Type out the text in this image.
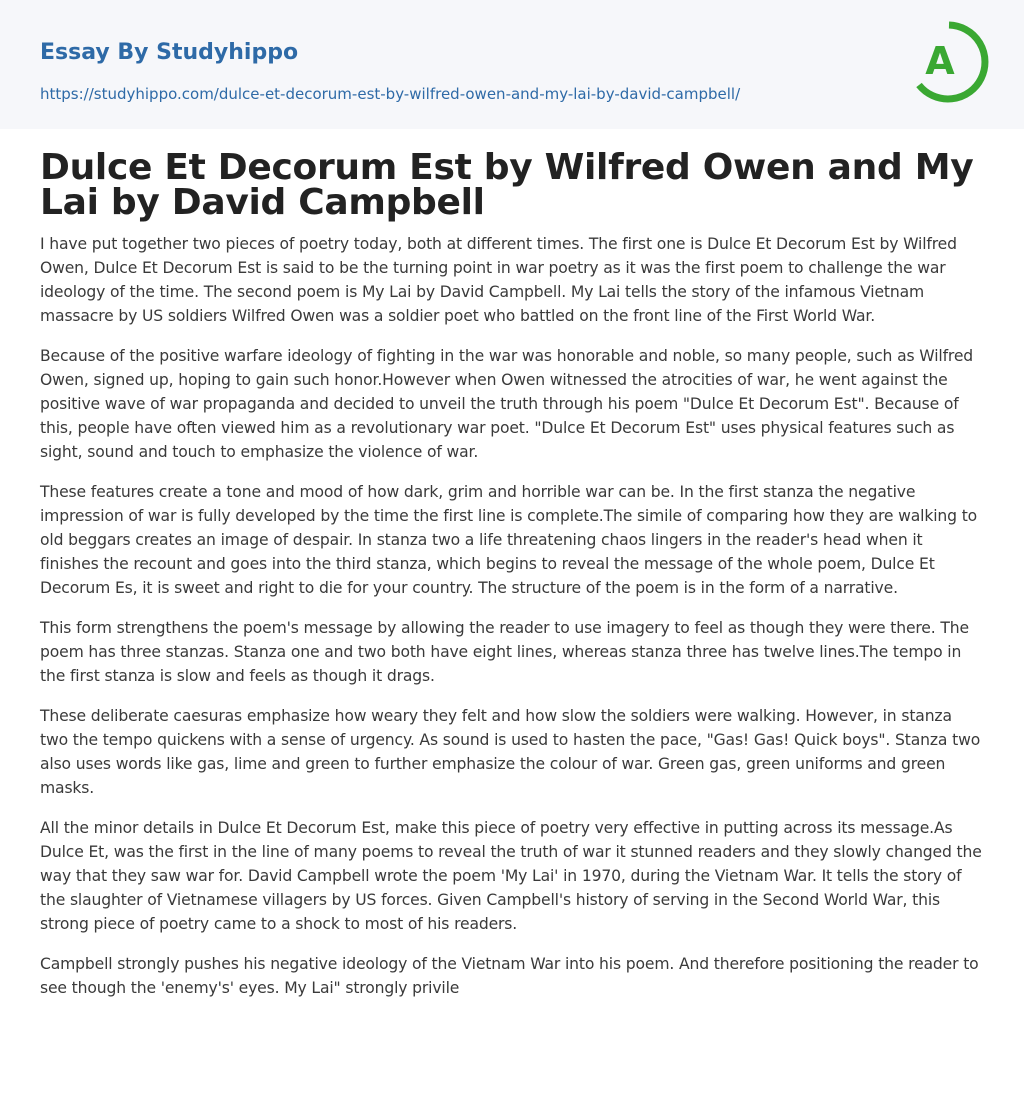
Essay By Studyhippo
https://studyhippo.com/dulce-et-decorum-est-by-wilfred-owen-and-my-lai-by-david-campbell/
A
Dulce Et Decorum Est by Wilfred Owen and My Lai by David Campbell

I have put together two pieces of poetry today, both at different times. The first one is Dulce Et Decorum Est by Wilfred Owen, Dulce Et Decorum Est is said to be the turning point in war poetry as it was the first poem to challenge the war ideology of the time. The second poem is My Lai by David Campbell. My Lai tells the story of the infamous Vietnam massacre by US soldiers Wilfred Owen was a soldier poet who battled on the front line of the First World War.

Because of the positive warfare ideology of fighting in the war was honorable and noble, so many people, such as Wilfred Owen, signed up, hoping to gain such honor.However when Owen witnessed the atrocities of war, he went against the positive wave of war propaganda and decided to unveil the truth through his poem "Dulce Et Decorum Est". Because of this, people have often viewed him as a revolutionary war poet. "Dulce Et Decorum Est" uses physical features such as sight, sound and touch to emphasize the violence of war.

These features create a tone and mood of how dark, grim and horrible war can be. In the first stanza the negative impression of war is fully developed by the time the first line is complete.The simile of comparing how they are walking to old beggars creates an image of despair. In stanza two a life threatening chaos lingers in the reader's head when it finishes the recount and goes into the third stanza, which begins to reveal the message of the whole poem, Dulce Et Decorum Es, it is sweet and right to die for your country. The structure of the poem is in the form of a narrative.

This form strengthens the poem's message by allowing the reader to use imagery to feel as though they were there. The poem has three stanzas. Stanza one and two both have eight lines, whereas stanza three has twelve lines.The tempo in the first stanza is slow and feels as though it drags.

These deliberate caesuras emphasize how weary they felt and how slow the soldiers were walking. However, in stanza two the tempo quickens with a sense of urgency. As sound is used to hasten the pace, "Gas! Gas! Quick boys". Stanza two also uses words like gas, lime and green to further emphasize the colour of war. Green gas, green uniforms and green masks.

All the minor details in Dulce Et Decorum Est, make this piece of poetry very effective in putting across its message.As Dulce Et, was the first in the line of many poems to reveal the truth of war it stunned readers and they slowly changed the way that they saw war for. David Campbell wrote the poem 'My Lai' in 1970, during the Vietnam War. It tells the story of the slaughter of Vietnamese villagers by US forces. Given Campbell's history of serving in the Second World War, this strong piece of poetry came to a shock to most of his readers.

Campbell strongly pushes his negative ideology of the Vietnam War into his poem. And therefore positioning the reader to see though the 'enemy's' eyes. My Lai" strongly privile
